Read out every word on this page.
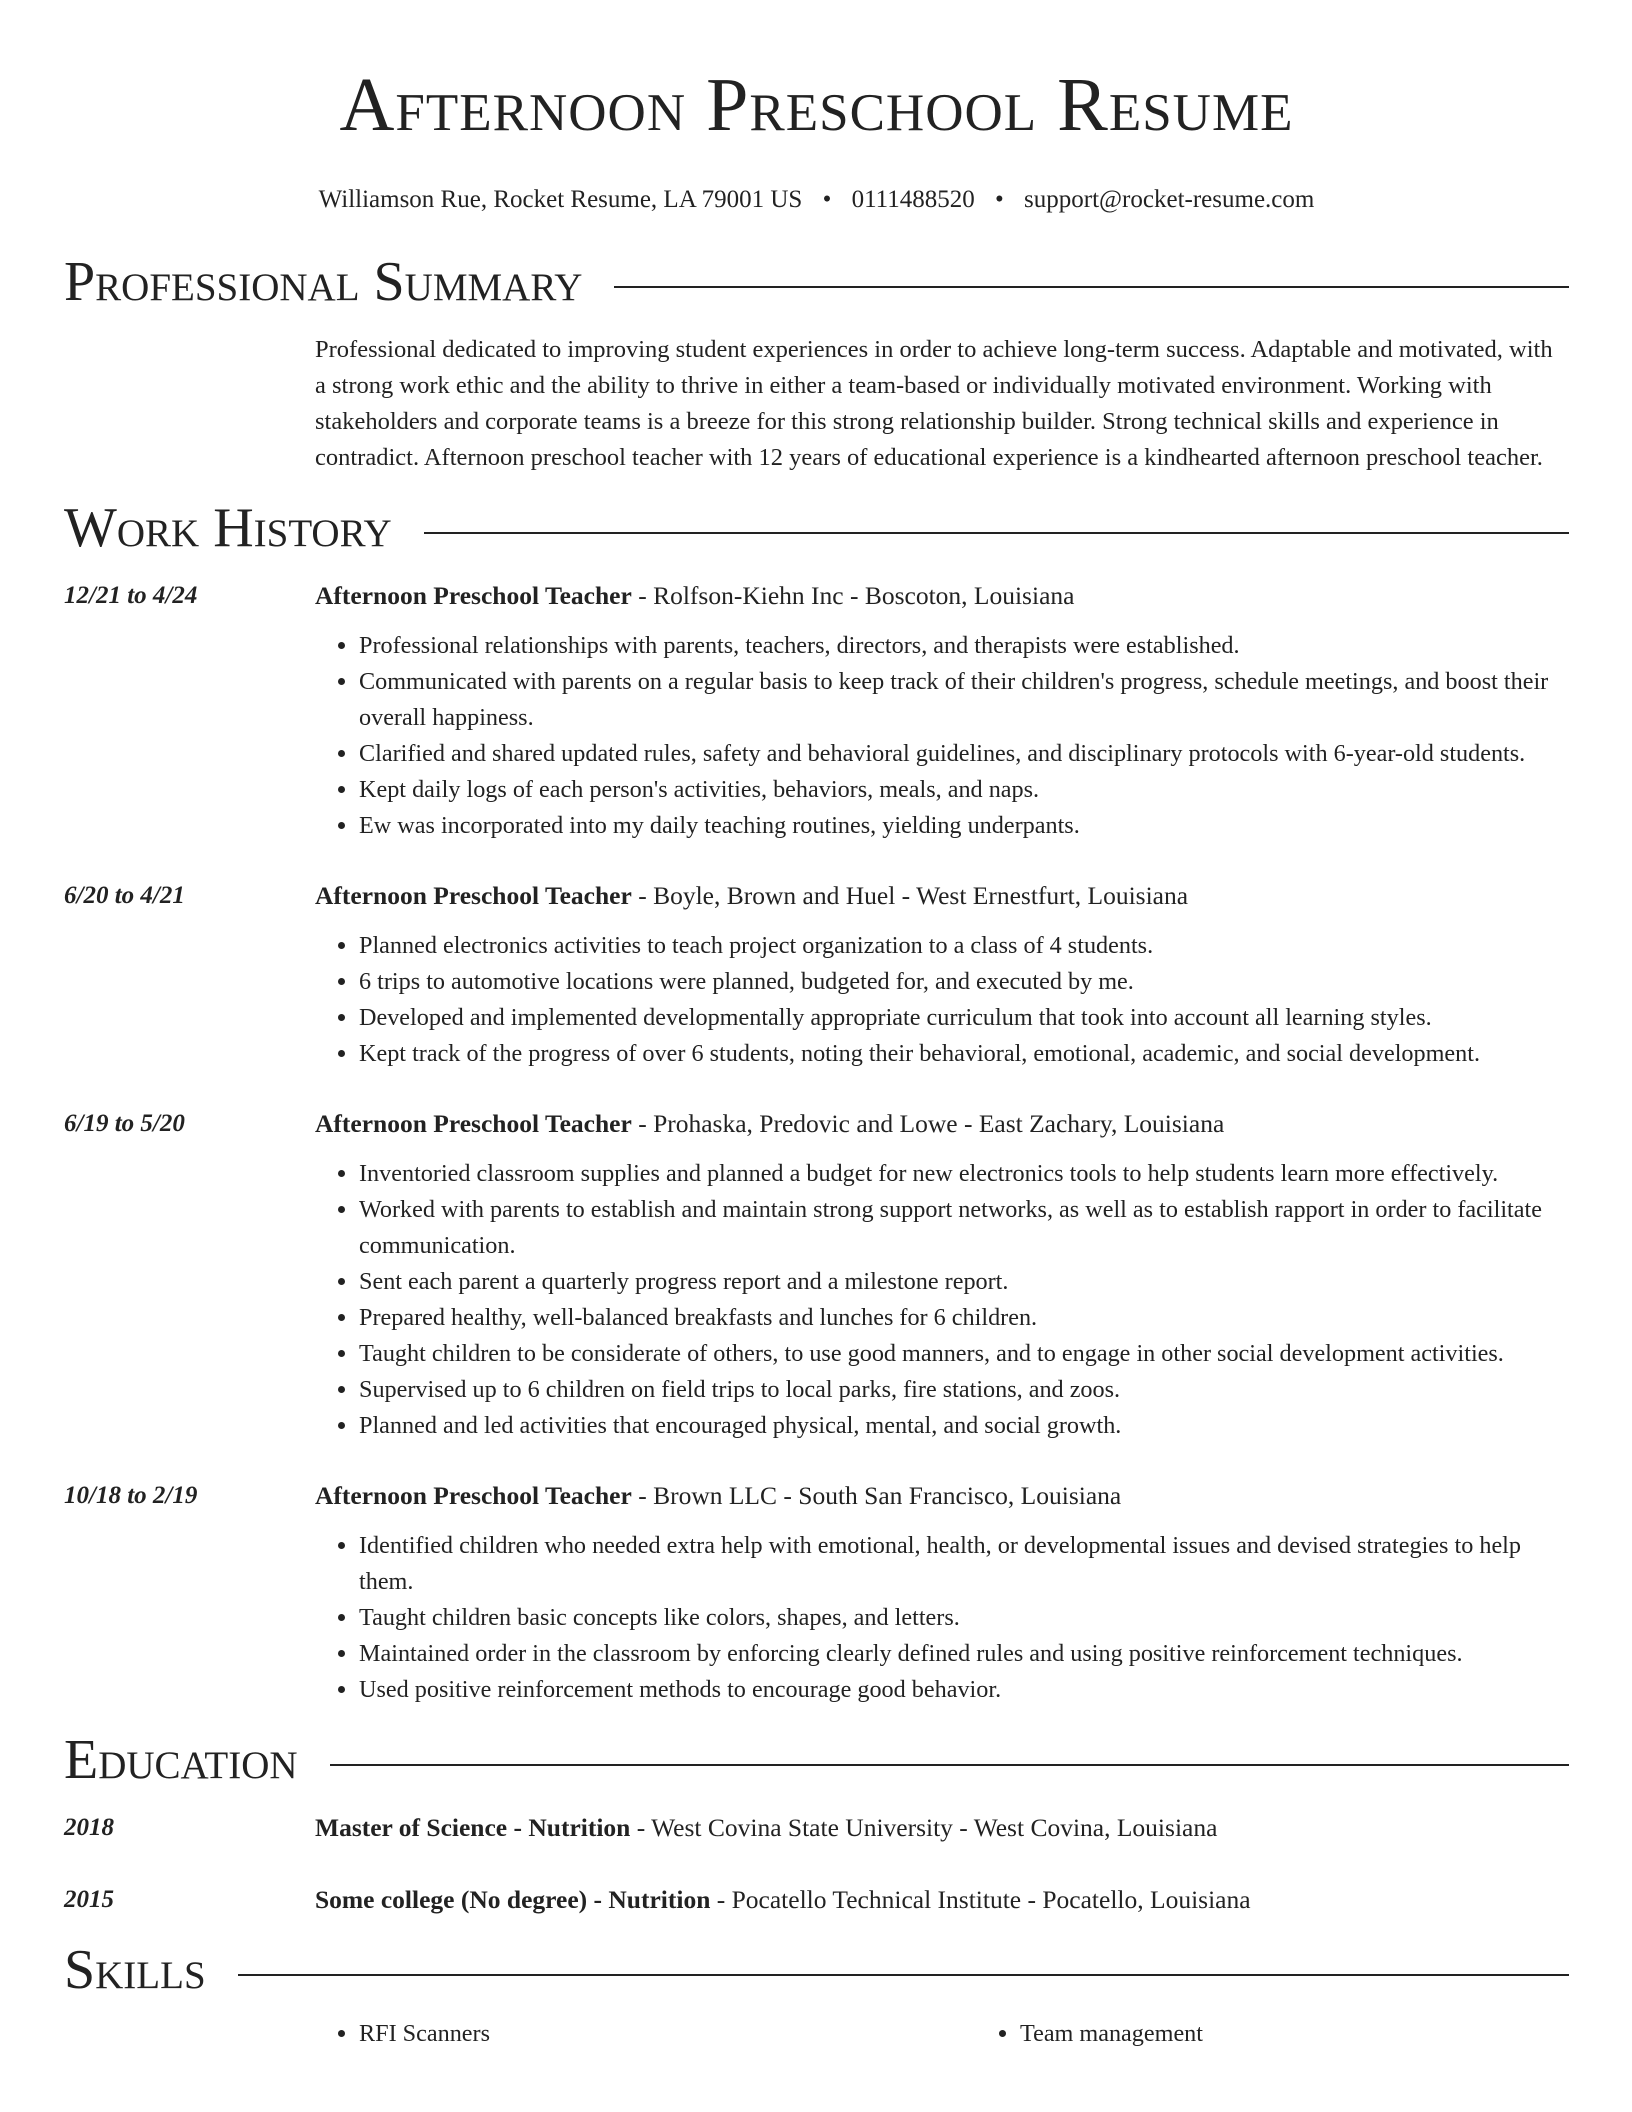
Afternoon Preschool Resume
Williamson Rue, Rocket Resume, LA 79001 US • 0111488520 • support@rocket-resume.com
Professional Summary
Professional dedicated to improving student experiences in order to achieve long-term success. Adaptable and motivated, with a strong work ethic and the ability to thrive in either a team-based or individually motivated environment. Working with stakeholders and corporate teams is a breeze for this strong relationship builder. Strong technical skills and experience in contradict. Afternoon preschool teacher with 12 years of educational experience is a kindhearted afternoon preschool teacher.
Work History
12/21 to 4/24	Afternoon Preschool Teacher - Rolfson-Kiehn Inc - Boscoton, Louisiana
• Professional relationships with parents, teachers, directors, and therapists were established.
• Communicated with parents on a regular basis to keep track of their children's progress, schedule meetings, and boost their overall happiness.
• Clarified and shared updated rules, safety and behavioral guidelines, and disciplinary protocols with 6-year-old students.
• Kept daily logs of each person's activities, behaviors, meals, and naps.
• Ew was incorporated into my daily teaching routines, yielding underpants.
6/20 to 4/21	Afternoon Preschool Teacher - Boyle, Brown and Huel - West Ernestfurt, Louisiana
• Planned electronics activities to teach project organization to a class of 4 students.
• 6 trips to automotive locations were planned, budgeted for, and executed by me.
• Developed and implemented developmentally appropriate curriculum that took into account all learning styles.
• Kept track of the progress of over 6 students, noting their behavioral, emotional, academic, and social development.
6/19 to 5/20	Afternoon Preschool Teacher - Prohaska, Predovic and Lowe - East Zachary, Louisiana
• Inventoried classroom supplies and planned a budget for new electronics tools to help students learn more effectively.
• Worked with parents to establish and maintain strong support networks, as well as to establish rapport in order to facilitate communication.
• Sent each parent a quarterly progress report and a milestone report.
• Prepared healthy, well-balanced breakfasts and lunches for 6 children.
• Taught children to be considerate of others, to use good manners, and to engage in other social development activities.
• Supervised up to 6 children on field trips to local parks, fire stations, and zoos.
• Planned and led activities that encouraged physical, mental, and social growth.
10/18 to 2/19	Afternoon Preschool Teacher - Brown LLC - South San Francisco, Louisiana
• Identified children who needed extra help with emotional, health, or developmental issues and devised strategies to help them.
• Taught children basic concepts like colors, shapes, and letters.
• Maintained order in the classroom by enforcing clearly defined rules and using positive reinforcement techniques.
• Used positive reinforcement methods to encourage good behavior.
Education
2018	Master of Science - Nutrition - West Covina State University - West Covina, Louisiana
2015	Some college (No degree) - Nutrition - Pocatello Technical Institute - Pocatello, Louisiana
Skills
• RFI Scanners
•	Team management
